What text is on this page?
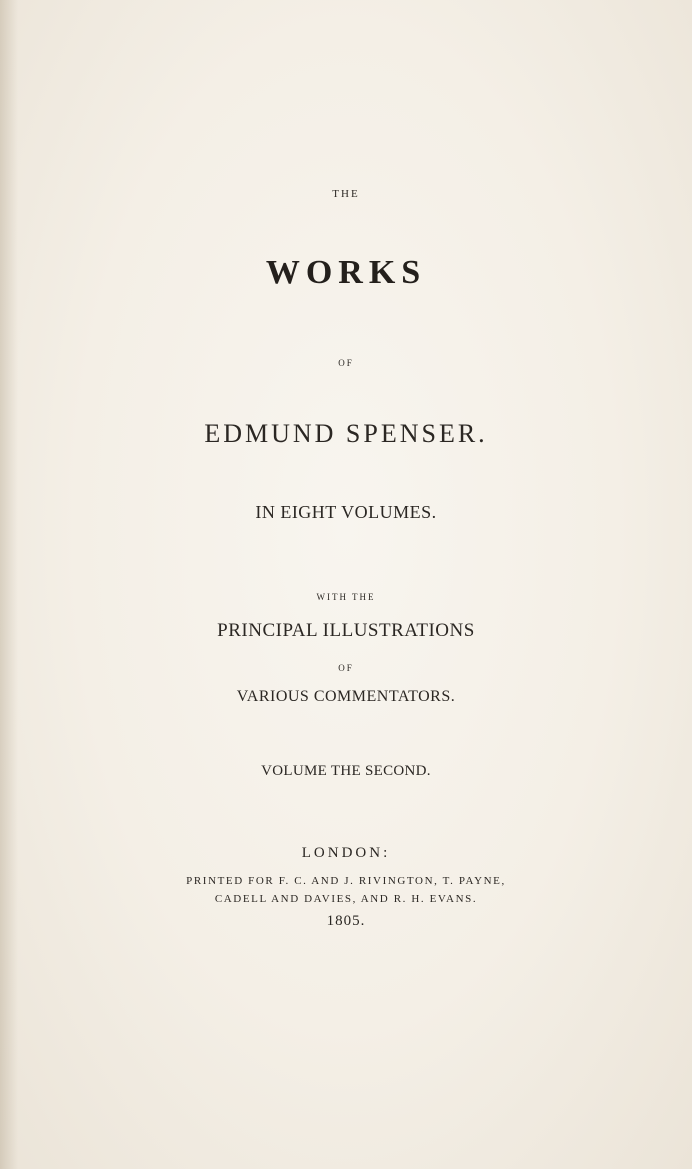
THE
WORKS
OF
EDMUND SPENSER.
IN EIGHT VOLUMES.
WITH THE
PRINCIPAL ILLUSTRATIONS
OF
VARIOUS COMMENTATORS.
VOLUME THE SECOND.
LONDON:
PRINTED FOR F. C. AND J. RIVINGTON, T. PAYNE,
CADELL AND DAVIES, AND R. H. EVANS.
1805.
